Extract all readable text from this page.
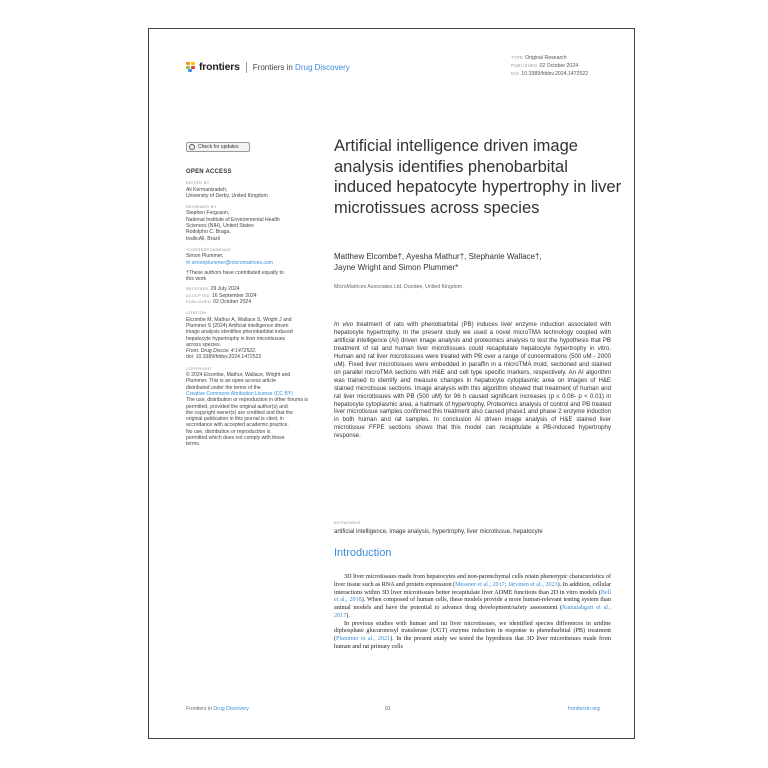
frontiers Frontiers in Drug Discovery
TYPE Original Research
PUBLISHED 02 October 2024
DOI 10.3389/fddsv.2024.1472522
Check for updates
OPEN ACCESS
EDITED BY
Ali Kermanizadeh,
University of Derby, United Kingdom
REVIEWED BY
Stephen Ferguson,
National Institute of Environmental Health
Sciences (NIH), United States
Rodolpho C. Braga,
InsilicAll, Brazil
*CORRESPONDENCE
Simon Plummer,
✉ simonplummer@micromatrices.com
†These authors have contributed equally to
this work
RECEIVED 29 July 2024
ACCEPTED 16 September 2024
PUBLISHED 02 October 2024
CITATION
Elcombe M, Mathur A, Wallace S, Wright J and
Plummer S (2024) Artificial intelligence driven
image analysis identifies phenobarbital induced
hepatocyte hypertrophy in liver microtissues
across species.
Front. Drug Discov. 4:1472522.
doi: 10.3389/fddsv.2024.1472522
COPYRIGHT
© 2024 Elcombe, Mathur, Wallace, Wright and
Plummer. This is an open-access article
distributed under the terms of the
Creative Commons Attribution License (CC BY)
The use, distribution or reproduction in other forums is
permitted, provided the original author(s) and
the copyright owner(s) are credited and that the
original publication in this journal is cited, in
accordance with accepted academic practice.
No use, distribution or reproduction is
permitted which does not comply with these
terms.
Artificial intelligence driven image analysis identifies phenobarbital induced hepatocyte hypertrophy in liver microtissues across species
Matthew Elcombe†, Ayesha Mathur†, Stephanie Wallace†,
Jayne Wright and Simon Plummer*
MicroMatrices Associates Ltd, Dundee, United Kingdom
In vivo treatment of rats with phenobarbital (PB) induces liver enzyme induction associated with hepatocyte hypertrophy. In the present study we used a novel microTMA technology coupled with artificial intelligence (AI) driven image analysis and proteomics analysis to test the hypothesis that PB treatment of rat and human liver microtissues could recapitulate hepatocyte hypertrophy in vitro. Human and rat liver microtissues were treated with PB over a range of concentrations (500 uM - 2000 uM). Fixed liver microtissues were embedded in paraffin in a microTMA mold, sectioned and stained on parallel microTMA sections with H&E and cell type specific markers, respectively. An AI algorithm was trained to identify and measure changes in hepatocyte cytoplasmic area on images of H&E stained microtissue sections. Image analysis with this algorithm showed that treatment of human and rat liver microtissues with PB (500 uM) for 96 h caused significant increases (p ≤ 0.08- p < 0.01) in hepatocyte cytoplasmic area, a hallmark of hypertrophy. Proteomics analysis of control and PB treated liver microtissue samples confirmed this treatment also caused phase1 and phase 2 enzyme induction in both human and rat samples. In conclusion AI driven image analysis of H&E stained liver microtissue FFPE sections shows that this model can recapitulate a PB-induced hypertrophy response.
KEYWORDS
artificial intelligence, image analysis, hypertrophy, liver microtissue, hepatocyte
Introduction

3D liver microtissues made from hepatocytes and non-parenchymal cells retain phenotypic characteristics of liver tissue such as RNA and protein expression (Messner et al., 2017; Järvinen et al., 2023). In addition, cellular interactions within 3D liver microtissues better recapitulate liver ADME functions than 2D in vitro models (Bell et al., 2018). When composed of human cells, these models provide a more human-relevant testing system than animal models and have the potential to advance drug development/safety assessment (Ramaiahgari et al., 2017).

In previous studies with human and rat liver microtissues, we identified species differences in uridine diphosphate glucuronosyl transferase (UGT) enzyme induction in response to phenobarbital (PB) treatment (Plummer et al., 2021). In the present study we tested the hypothesis that 3D liver microtissues made from human and rat primary cells

Frontiers in Drug Discovery	01	frontiersin.org
